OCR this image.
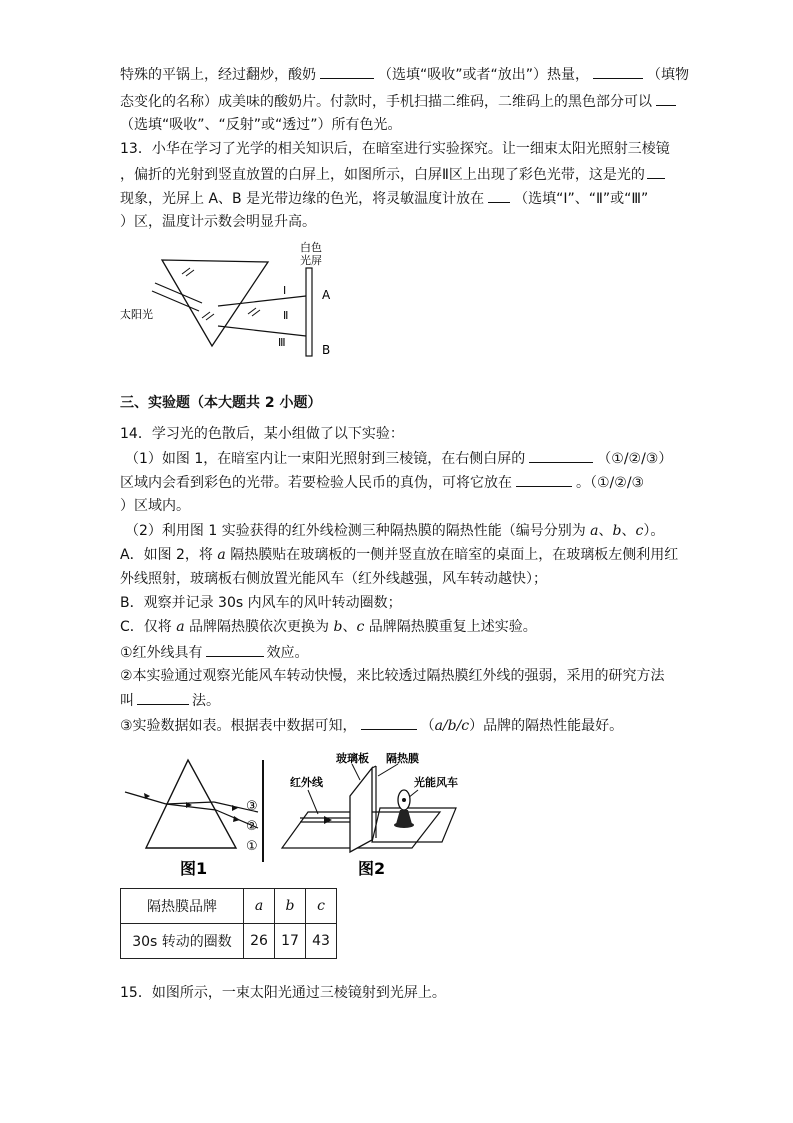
特殊的平锅上，经过翻炒，酸奶	（选填“吸收”或者“放出”）热量，	（填物
态变化的名称）成美味的酸奶片。付款时，手机扫描二维码，二维码上的黑色部分可以
（选填“吸收”、“反射”或“透过”）所有色光。
13．小华在学习了光学的相关知识后，在暗室进行实验探究。让一细束太阳光照射三棱镜
，偏折的光射到竖直放置的白屏上，如图所示，白屏Ⅱ区上出现了彩色光带，这是光的
现象，光屏上 A、B 是光带边缘的色光，将灵敏温度计放在 （选填“Ⅰ”、“Ⅱ”或“Ⅲ”
）区，温度计示数会明显升高。
太阳光
白色
光屏
Ⅰ
Ⅱ
Ⅲ
A
B
三、实验题（本大题共 2 小题）
14．学习光的色散后，某小组做了以下实验：
（1）如图 1，在暗室内让一束阳光照射到三棱镜，在右侧白屏的	（①/②/③）
区域内会看到彩色的光带。若要检验人民币的真伪，可将它放在	。（①/②/③
）区域内。
（2）利用图 1 实验获得的红外线检测三种隔热膜的隔热性能（编号分别为 a、b、c）。
A．如图 2，将 a 隔热膜贴在玻璃板的一侧并竖直放在暗室的桌面上，在玻璃板左侧利用红
外线照射，玻璃板右侧放置光能风车（红外线越强，风车转动越快）；
B．观察并记录 30s 内风车的风叶转动圈数；
C．仅将 a 品牌隔热膜依次更换为 b、c 品牌隔热膜重复上述实验。
①红外线具有	效应。
②本实验通过观察光能风车转动快慢，来比较透过隔热膜红外线的强弱，采用的研究方法
叫	法。
③实验数据如表。根据表中数据可知，	（a/b/c）品牌的隔热性能最好。
③
②
①
图1
红外线
玻璃板 隔热膜
光能风车
图2
隔热膜品牌	a	b	c
30s 转动的圈数	26	17	43
15．如图所示，一束太阳光通过三棱镜射到光屏上。
